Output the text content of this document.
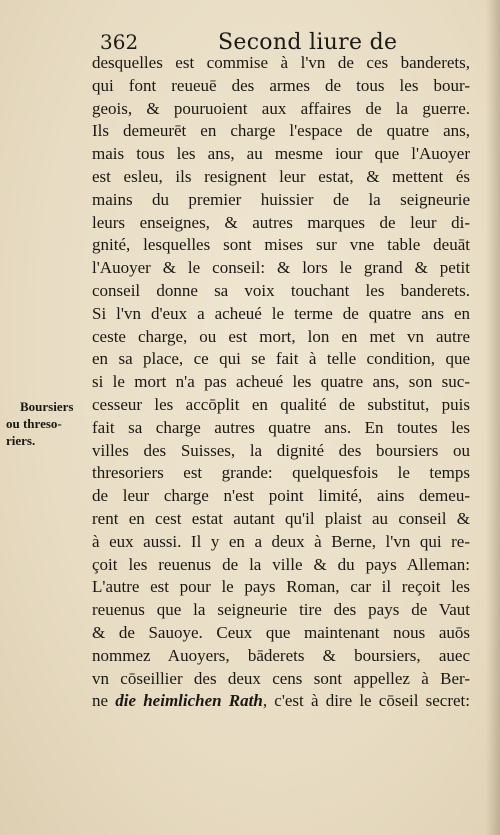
362	Second liure de
Boursiers
ou threso-
riers.
desquelles est commise à l'vn de ces banderets,
qui font reueuē des armes de tous les bour-
geois, & pouruoient aux affaires de la guerre.
Ils demeurēt en charge l'espace de quatre ans,
mais tous les ans, au mesme iour que l'Auoyer
est esleu, ils resignent leur estat, & mettent és
mains du premier huissier de la seigneurie
leurs enseignes, & autres marques de leur di-
gnité, lesquelles sont mises sur vne table deuāt
l'Auoyer & le conseil: & lors le grand & petit
conseil donne sa voix touchant les banderets.
Si l'vn d'eux a acheué le terme de quatre ans en
ceste charge, ou est mort, lon en met vn autre
en sa place, ce qui se fait à telle condition, que
si le mort n'a pas acheué les quatre ans, son suc-
cesseur les accōplit en qualité de substitut, puis
fait sa charge autres quatre ans. En toutes les
villes des Suisses, la dignité des boursiers ou
thresoriers est grande: quelquesfois le temps
de leur charge n'est point limité, ains demeu-
rent en cest estat autant qu'il plaist au conseil &
à eux aussi. Il y en a deux à Berne, l'vn qui re-
çoit les reuenus de la ville & du pays Alleman:
L'autre est pour le pays Roman, car il reçoit les
reuenus que la seigneurie tire des pays de Vaut
& de Sauoye. Ceux que maintenant nous auōs
nommez Auoyers, bāderets & boursiers, auec
vn cōseillier des deux cens sont appellez à Ber-
ne die heimlichen Rath, c'est à dire le cōseil secret:
